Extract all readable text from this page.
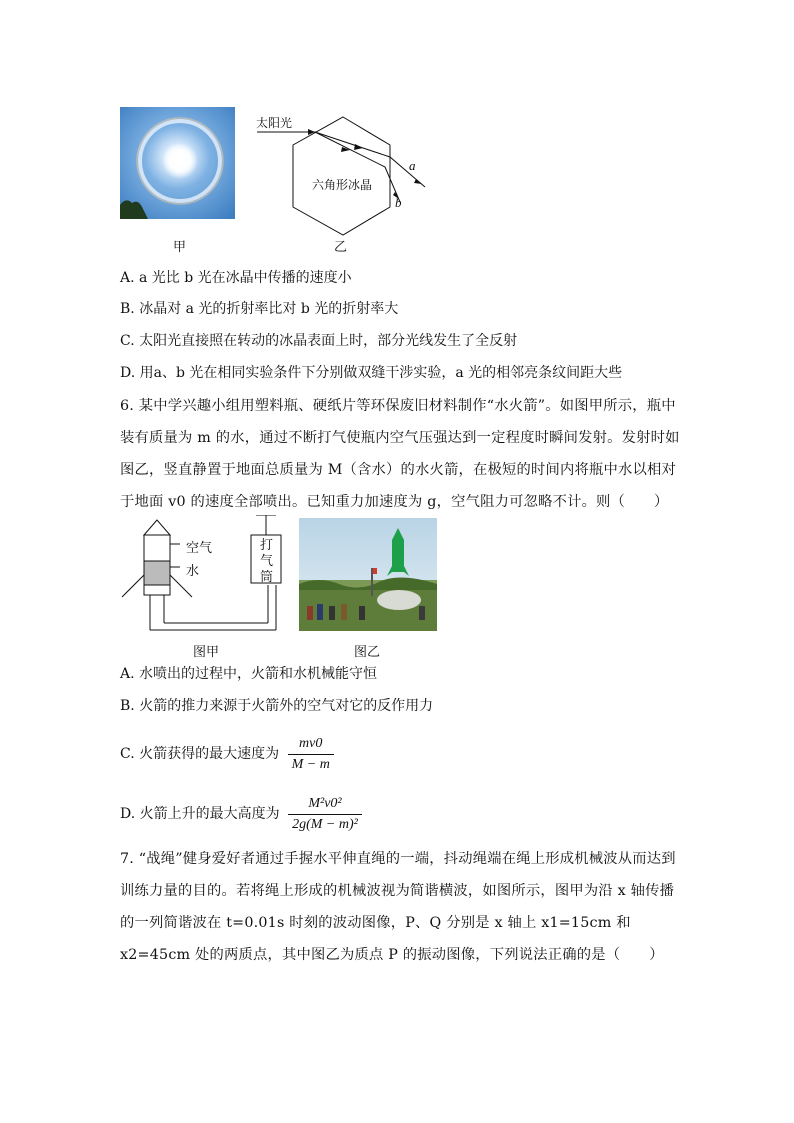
太阳光
六角形冰晶
a
b
甲	乙
A. a 光比 b 光在冰晶中传播的速度小
B. 冰晶对 a 光的折射率比对 b 光的折射率大
C. 太阳光直接照在转动的冰晶表面上时，部分光线发生了全反射
D. 用a、b 光在相同实验条件下分别做双缝干涉实验，a 光的相邻亮条纹间距大些
6. 某中学兴趣小组用塑料瓶、硬纸片等环保废旧材料制作“水火箭”。如图甲所示，瓶中装有质量为 m 的水，通过不断打气使瓶内空气压强达到一定程度时瞬间发射。发射时如图乙，竖直静置于地面总质量为 M（含水）的水火箭，在极短的时间内将瓶中水以相对于地面 v0 的速度全部喷出。已知重力加速度为 g，空气阻力可忽略不计。则（　　）
空气
水
打气筒
图甲	图乙
A. 水喷出的过程中，火箭和水机械能守恒
B. 火箭的推力来源于火箭外的空气对它的反作用力
C. 火箭获得的最大速度为 $\frac{mv0}{M - m}$
D. 火箭上升的最大高度为 $\frac{\text{M²v0²}}{\text{2g(M − m)²}}$
7. “战绳”健身爱好者通过手握水平伸直绳的一端，抖动绳端在绳上形成机械波从而达到训练力量的目的。若将绳上形成的机械波视为简谐横波，如图所示，图甲为沿 x 轴传播的一列简谐波在 t=0.01s 时刻的波动图像，P、Q 分别是 x 轴上 x1=15cm 和 x2=45cm 处的两质点，其中图乙为质点 P 的振动图像，下列说法正确的是（　　）
